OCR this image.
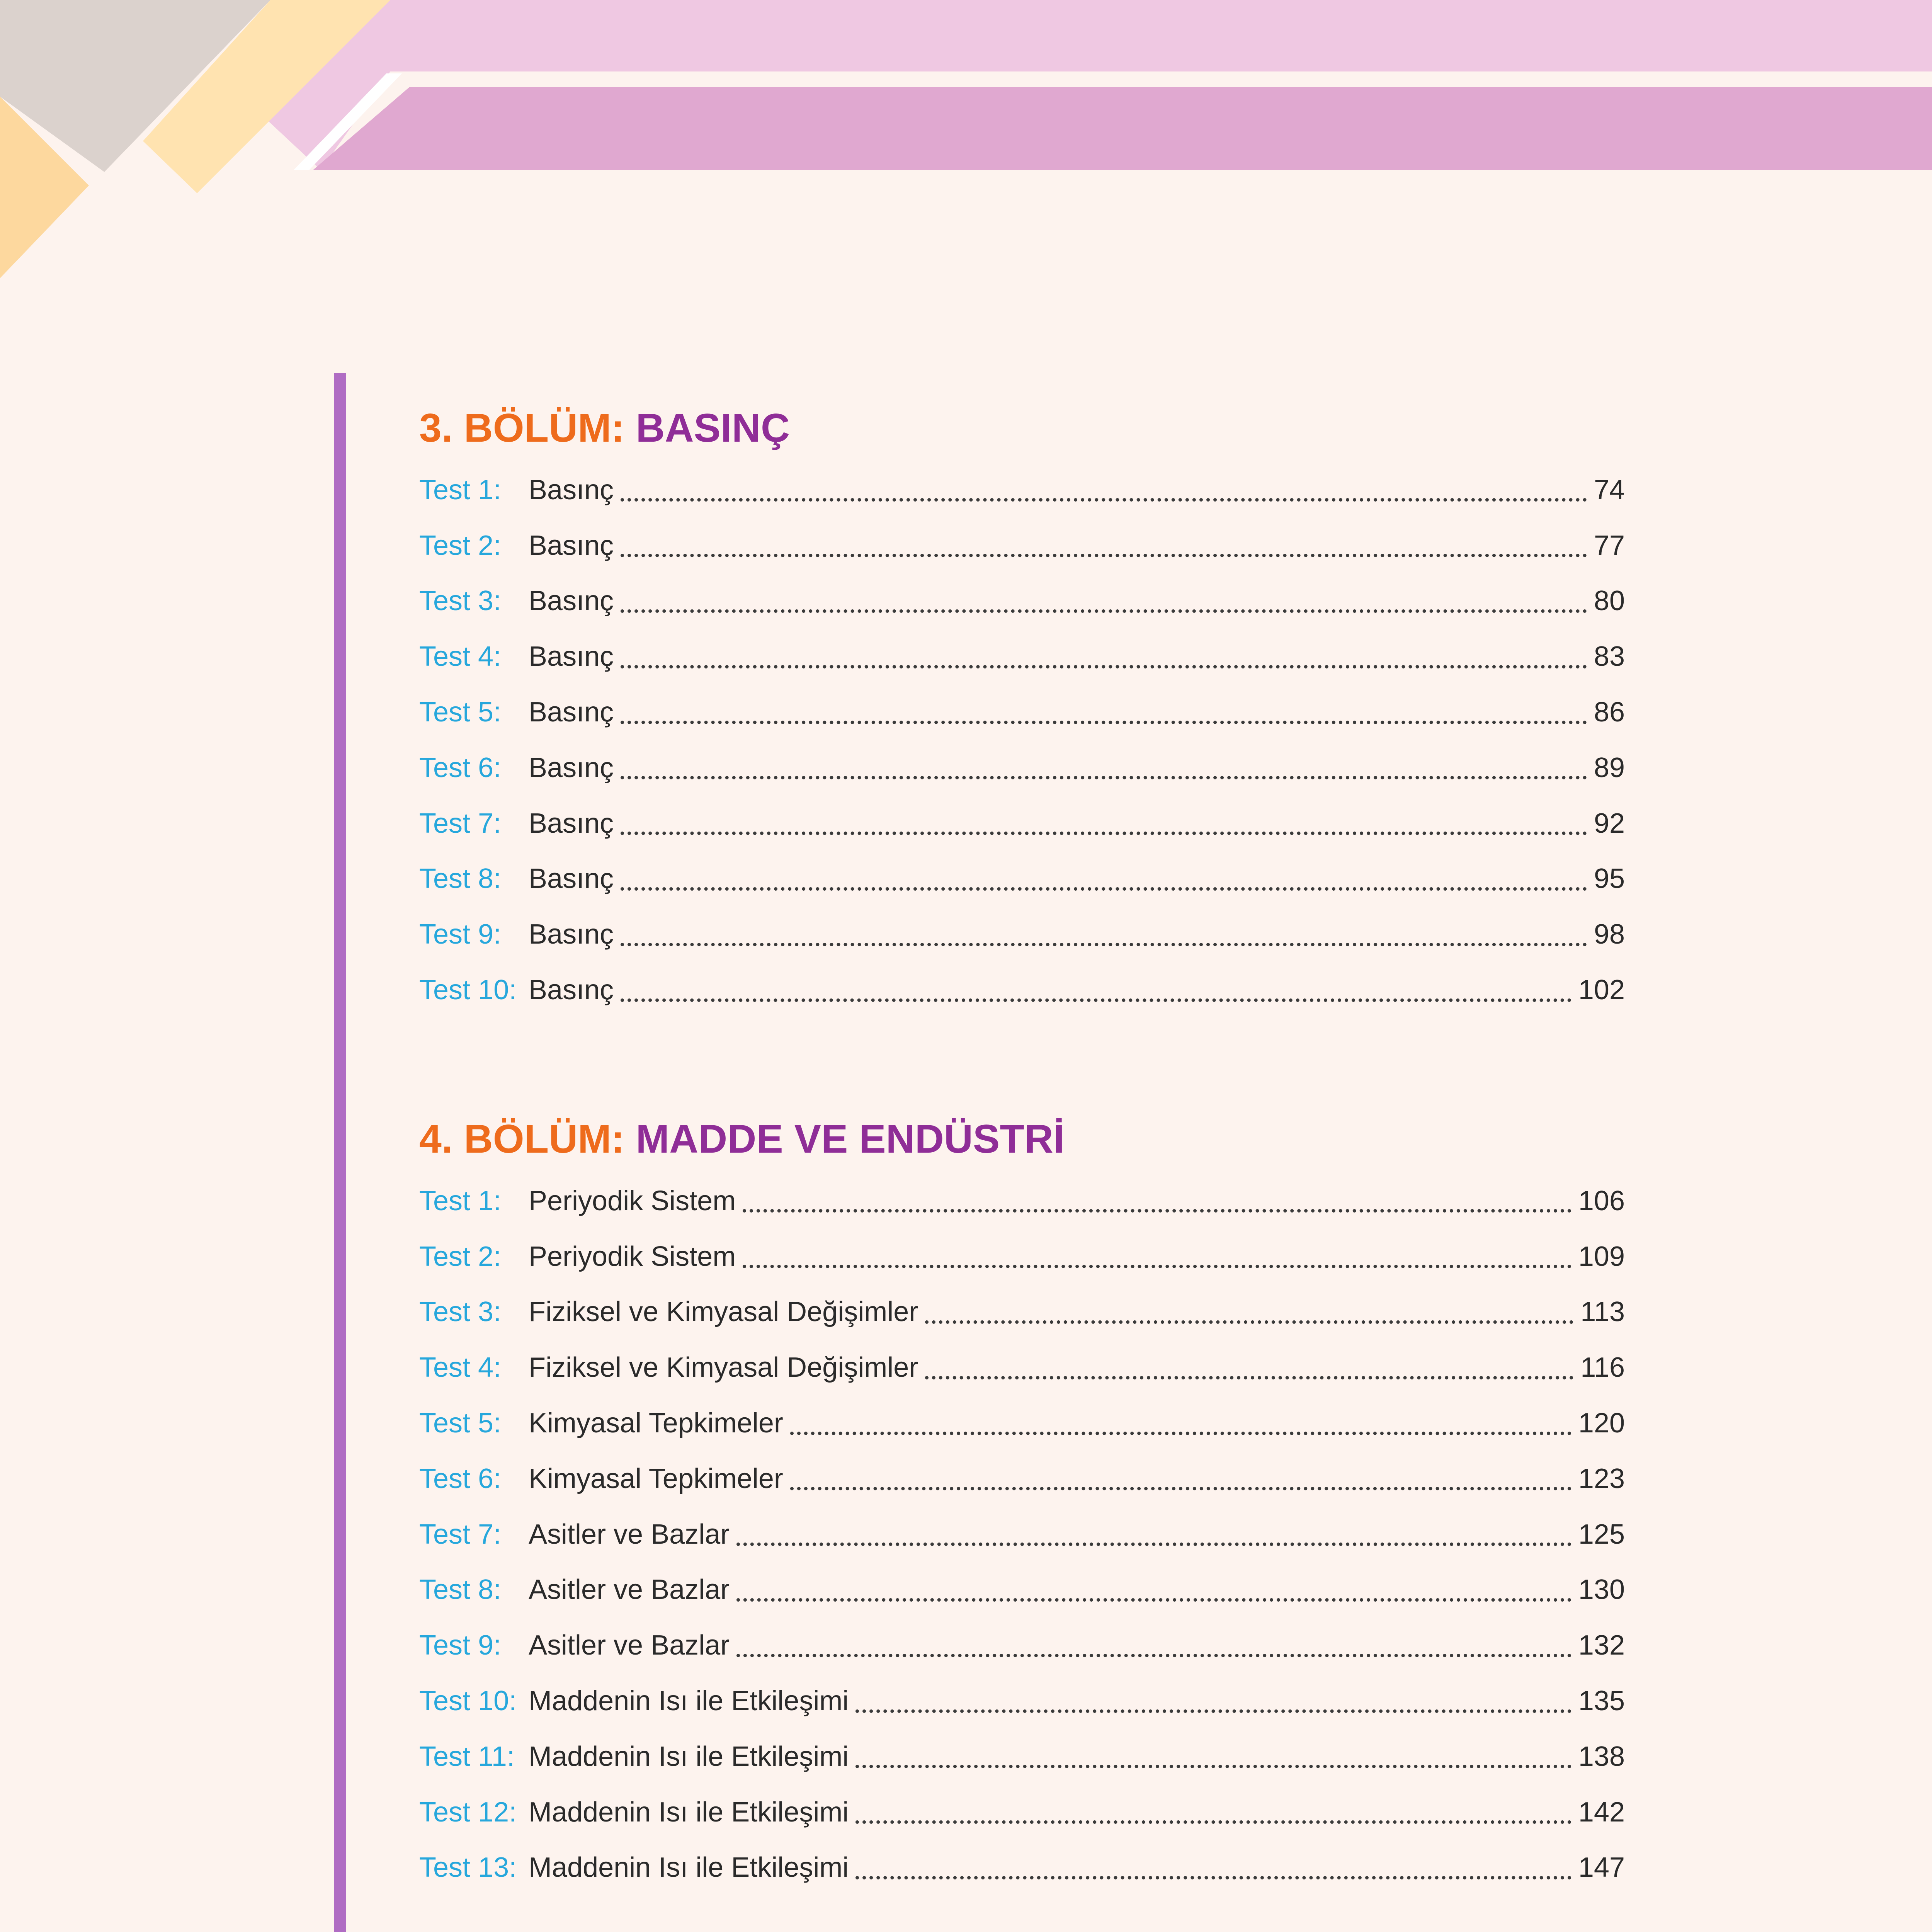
3. BÖLÜM: BASINÇ
Test 1: Basınç	74
Test 2: Basınç	77
Test 3: Basınç	80
Test 4: Basınç	83
Test 5: Basınç	86
Test 6: Basınç	89
Test 7: Basınç	92
Test 8: Basınç	95
Test 9: Basınç	98
Test 10: Basınç	102
4. BÖLÜM: MADDE VE ENDÜSTRİ
Test 1: Periyodik Sistem	106
Test 2: Periyodik Sistem	109
Test 3: Fiziksel ve Kimyasal Değişimler	113
Test 4: Fiziksel ve Kimyasal Değişimler	116
Test 5: Kimyasal Tepkimeler	120
Test 6: Kimyasal Tepkimeler	123
Test 7: Asitler ve Bazlar	125
Test 8: Asitler ve Bazlar	130
Test 9: Asitler ve Bazlar	132
Test 10: Maddenin Isı ile Etkileşimi	135
Test 11: Maddenin Isı ile Etkileşimi	138
Test 12: Maddenin Isı ile Etkileşimi	142
Test 13: Maddenin Isı ile Etkileşimi	147
